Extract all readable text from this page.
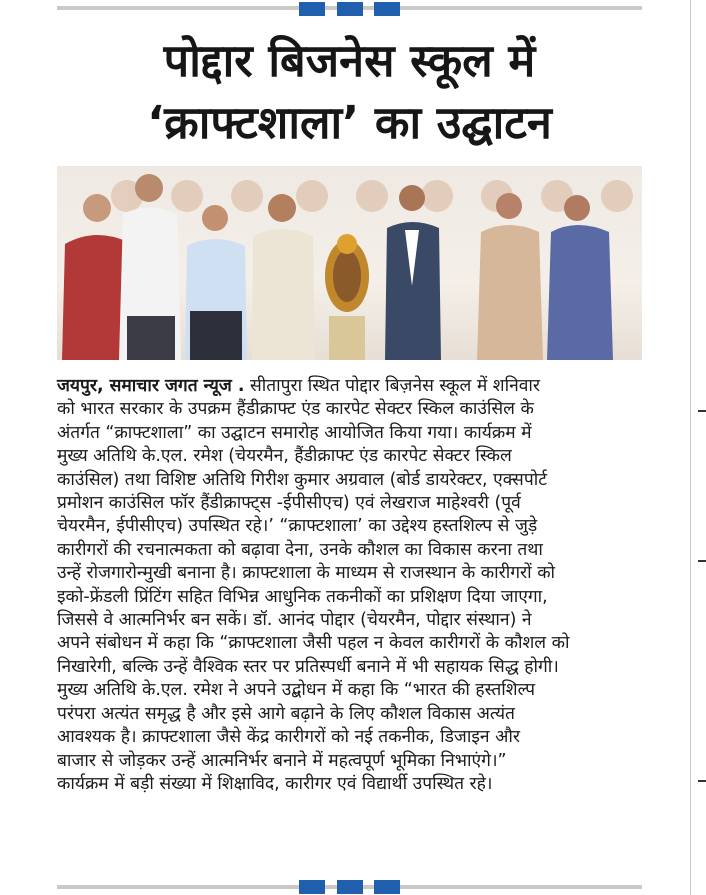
पोद्दार बिजनेस स्कूल में
‘क्राफ्टशाला’ का उद्घाटन
जयपुर, समाचार जगत न्यूज . सीतापुरा स्थित पोद्दार बिज़नेस स्कूल में शनिवार
को भारत सरकार के उपक्रम हैंडीक्राफ्ट एंड कारपेट सेक्टर स्किल काउंसिल के
अंतर्गत “क्राफ्टशाला” का उद्घाटन समारोह आयोजित किया गया। कार्यक्रम में
मुख्य अतिथि के.एल. रमेश (चेयरमैन, हैंडीक्राफ्ट एंड कारपेट सेक्टर स्किल
काउंसिल) तथा विशिष्ट अतिथि गिरीश कुमार अग्रवाल (बोर्ड डायरेक्टर, एक्सपोर्ट
प्रमोशन काउंसिल फॉर हैंडीक्राफ्ट्स -ईपीसीएच) एवं लेखराज माहेश्वरी (पूर्व
चेयरमैन, ईपीसीएच) उपस्थित रहे।’ “क्राफ्टशाला’ का उद्देश्य हस्तशिल्प से जुड़े
कारीगरों की रचनात्मकता को बढ़ावा देना, उनके कौशल का विकास करना तथा
उन्हें रोजगारोन्मुखी बनाना है। क्राफ्टशाला के माध्यम से राजस्थान के कारीगरों को
इको-फ्रेंडली प्रिंटिंग सहित विभिन्न आधुनिक तकनीकों का प्रशिक्षण दिया जाएगा,
जिससे वे आत्मनिर्भर बन सकें। डॉ. आनंद पोद्दार (चेयरमैन, पोद्दार संस्थान) ने
अपने संबोधन में कहा कि “क्राफ्टशाला जैसी पहल न केवल कारीगरों के कौशल को
निखारेगी, बल्कि उन्हें वैश्विक स्तर पर प्रतिस्पर्धी बनाने में भी सहायक सिद्ध होगी।
मुख्य अतिथि के.एल. रमेश ने अपने उद्बोधन में कहा कि “भारत की हस्तशिल्प
परंपरा अत्यंत समृद्ध है और इसे आगे बढ़ाने के लिए कौशल विकास अत्यंत
आवश्यक है। क्राफ्टशाला जैसे केंद्र कारीगरों को नई तकनीक, डिजाइन और
बाजार से जोड़कर उन्हें आत्मनिर्भर बनाने में महत्वपूर्ण भूमिका निभाएंगे।”
कार्यक्रम में बड़ी संख्या में शिक्षाविद, कारीगर एवं विद्यार्थी उपस्थित रहे।
